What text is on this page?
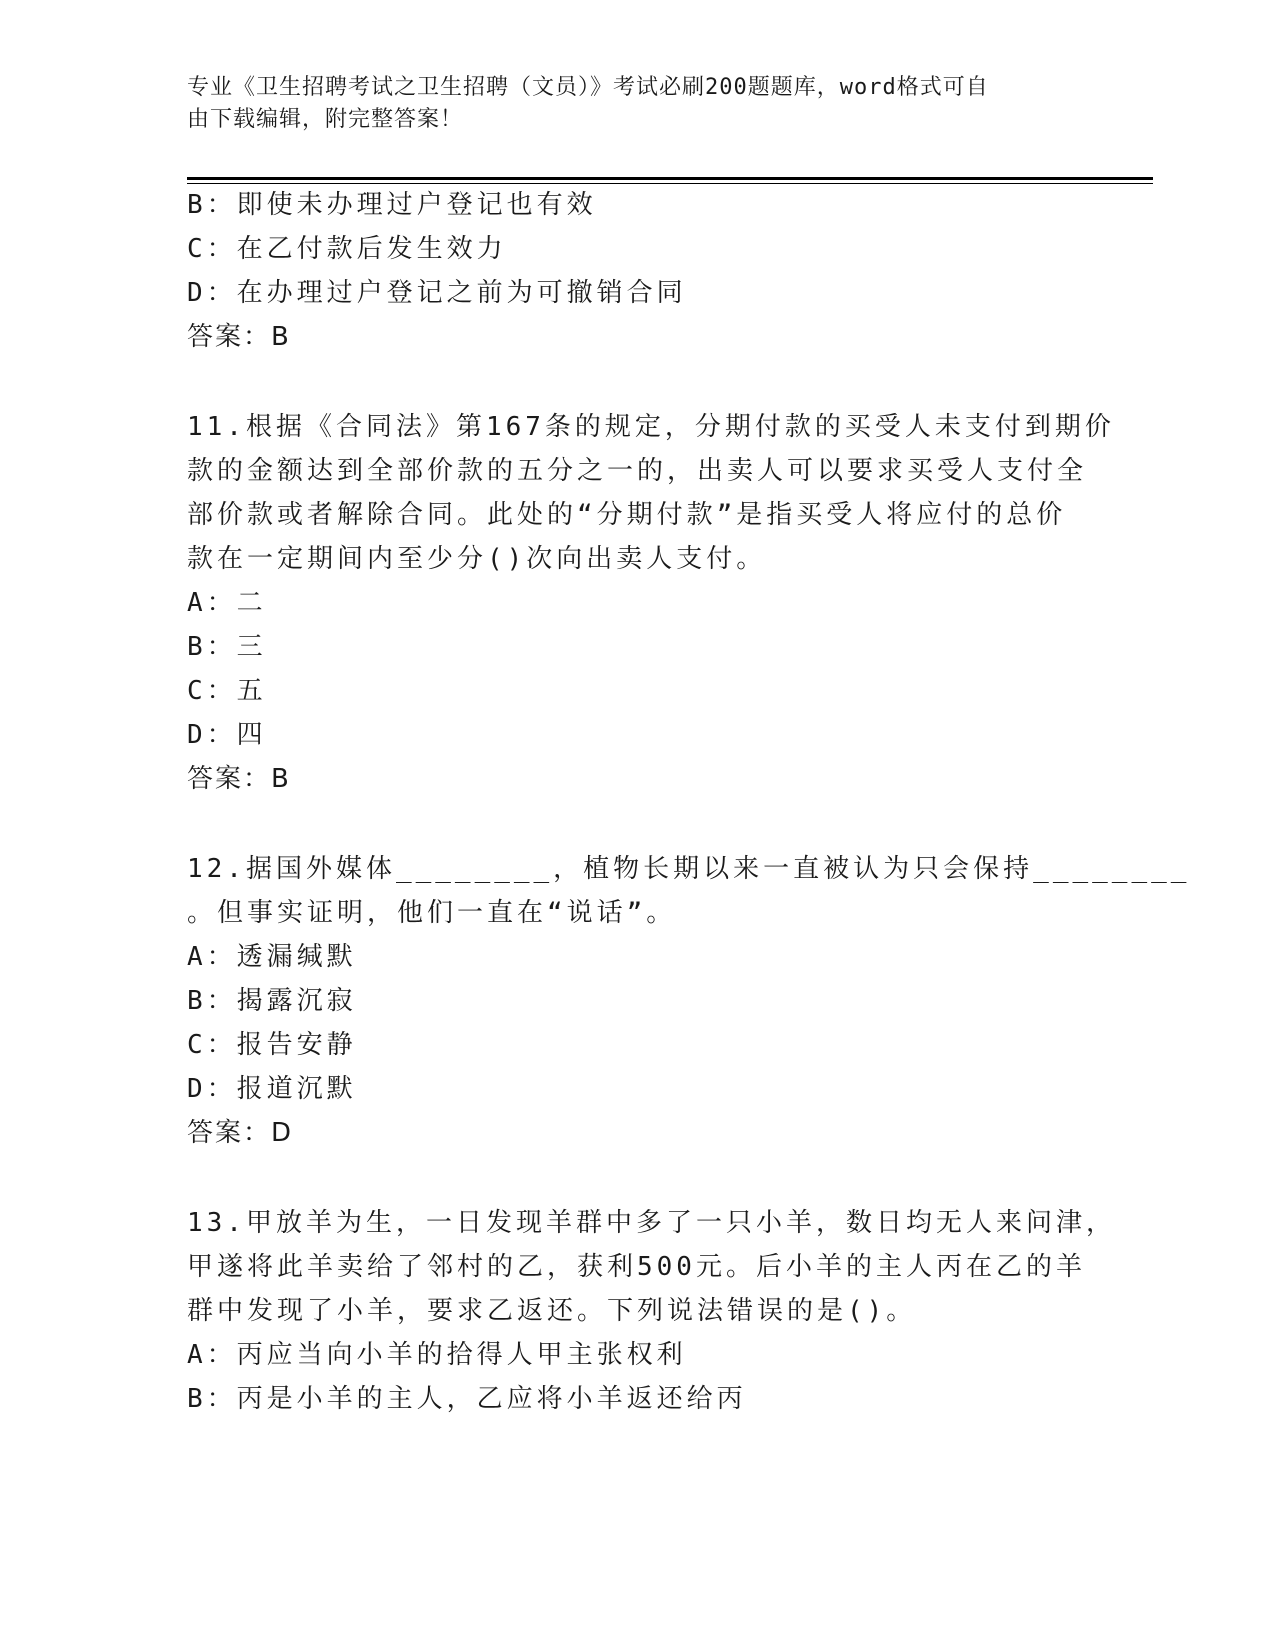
专业《卫生招聘考试之卫生招聘（文员）》考试必刷200题题库，word格式可自
由下载编辑，附完整答案！
B：即使未办理过户登记也有效
C：在乙付款后发生效力
D：在办理过户登记之前为可撤销合同
答案：B
11.根据《合同法》第167条的规定，分期付款的买受人未支付到期价
款的金额达到全部价款的五分之一的，出卖人可以要求买受人支付全
部价款或者解除合同。此处的“分期付款”是指买受人将应付的总价
款在一定期间内至少分()次向出卖人支付。
A：二
B：三
C：五
D：四
答案：B
12.据国外媒体________，植物长期以来一直被认为只会保持________
。但事实证明，他们一直在“说话”。
A：透漏缄默
B：揭露沉寂
C：报告安静
D：报道沉默
答案：D
13.甲放羊为生，一日发现羊群中多了一只小羊，数日均无人来问津，
甲遂将此羊卖给了邻村的乙，获利500元。后小羊的主人丙在乙的羊
群中发现了小羊，要求乙返还。下列说法错误的是()。
A：丙应当向小羊的拾得人甲主张权利
B：丙是小羊的主人，乙应将小羊返还给丙
